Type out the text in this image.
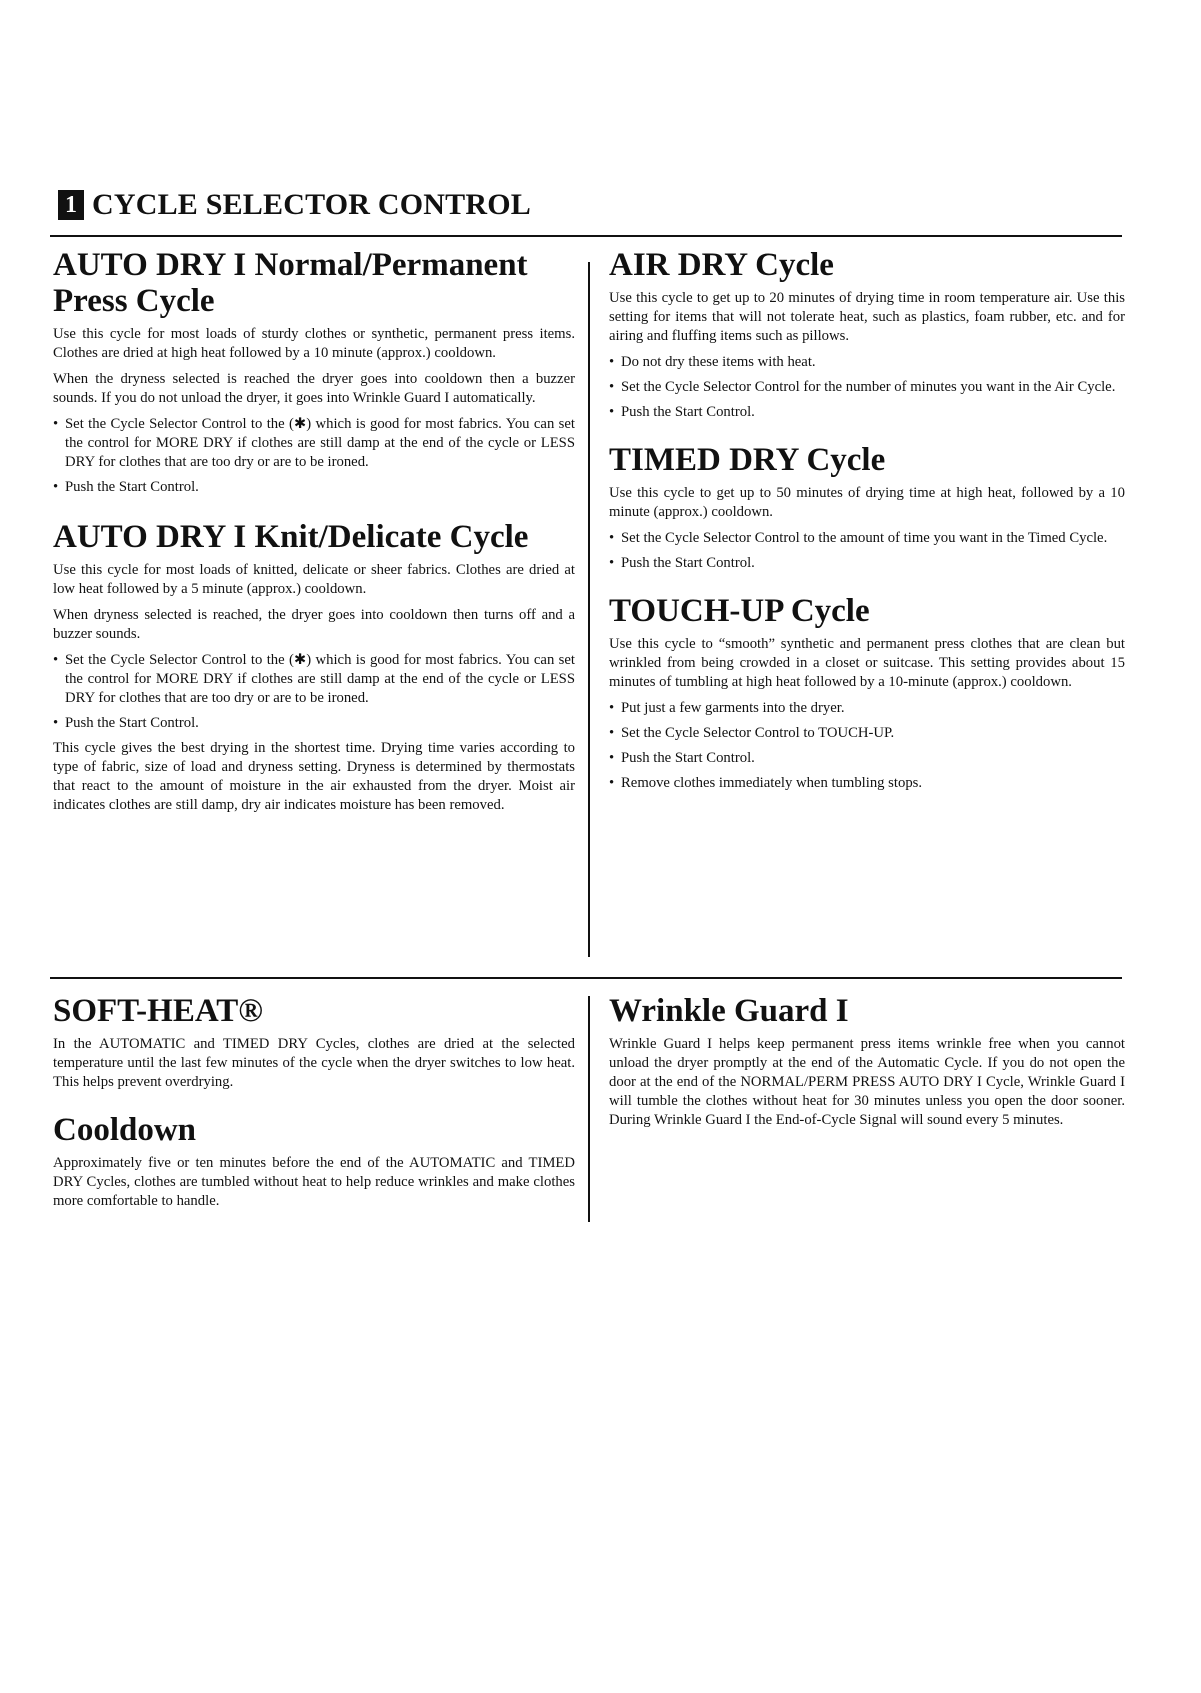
1 CYCLE SELECTOR CONTROL
AUTO DRY I Normal/Permanent Press Cycle

Use this cycle for most loads of sturdy clothes or synthetic, permanent press items. Clothes are dried at high heat followed by a 10 minute (approx.) cooldown.

When the dryness selected is reached the dryer goes into cooldown then a buzzer sounds. If you do not unload the dryer, it goes into Wrinkle Guard I automatically.

• Set the Cycle Selector Control to the (✱) which is good for most fabrics. You can set the control for MORE DRY if clothes are still damp at the end of the cycle or LESS DRY for clothes that are too dry or are to be ironed.
• Push the Start Control.
AUTO DRY I Knit/Delicate Cycle

Use this cycle for most loads of knitted, delicate or sheer fabrics. Clothes are dried at low heat followed by a 5 minute (approx.) cooldown.

When dryness selected is reached, the dryer goes into cooldown then turns off and a buzzer sounds.

• Set the Cycle Selector Control to the (✱) which is good for most fabrics. You can set the control for MORE DRY if clothes are still damp at the end of the cycle or LESS DRY for clothes that are too dry or are to be ironed.
• Push the Start Control.

This cycle gives the best drying in the shortest time. Drying time varies according to type of fabric, size of load and dryness setting. Dryness is determined by thermostats that react to the amount of moisture in the air exhausted from the dryer. Moist air indicates clothes are still damp, dry air indicates moisture has been removed.

AIR DRY Cycle

Use this cycle to get up to 20 minutes of drying time in room temperature air. Use this setting for items that will not tolerate heat, such as plastics, foam rubber, etc. and for airing and fluffing items such as pillows.

• Do not dry these items with heat.
• Set the Cycle Selector Control for the number of minutes you want in the Air Cycle.
• Push the Start Control.
TIMED DRY Cycle

Use this cycle to get up to 50 minutes of drying time at high heat, followed by a 10 minute (approx.) cooldown.

• Set the Cycle Selector Control to the amount of time you want in the Timed Cycle.
• Push the Start Control.
TOUCH-UP Cycle

Use this cycle to “smooth” synthetic and permanent press clothes that are clean but wrinkled from being crowded in a closet or suitcase. This setting provides about 15 minutes of tumbling at high heat followed by a 10-minute (approx.) cooldown.

• Put just a few garments into the dryer.
• Set the Cycle Selector Control to TOUCH-UP.
• Push the Start Control.
• Remove clothes immediately when tumbling stops.
SOFT-HEAT®

In the AUTOMATIC and TIMED DRY Cycles, clothes are dried at the selected temperature until the last few minutes of the cycle when the dryer switches to low heat. This helps prevent overdrying.

Cooldown

Approximately five or ten minutes before the end of the AUTOMATIC and TIMED DRY Cycles, clothes are tumbled without heat to help reduce wrinkles and make clothes more comfortable to handle.

Wrinkle Guard I

Wrinkle Guard I helps keep permanent press items wrinkle free when you cannot unload the dryer promptly at the end of the Automatic Cycle. If you do not open the door at the end of the NORMAL/PERM PRESS AUTO DRY I Cycle, Wrinkle Guard I will tumble the clothes without heat for 30 minutes unless you open the door sooner. During Wrinkle Guard I the End-of-Cycle Signal will sound every 5 minutes.
